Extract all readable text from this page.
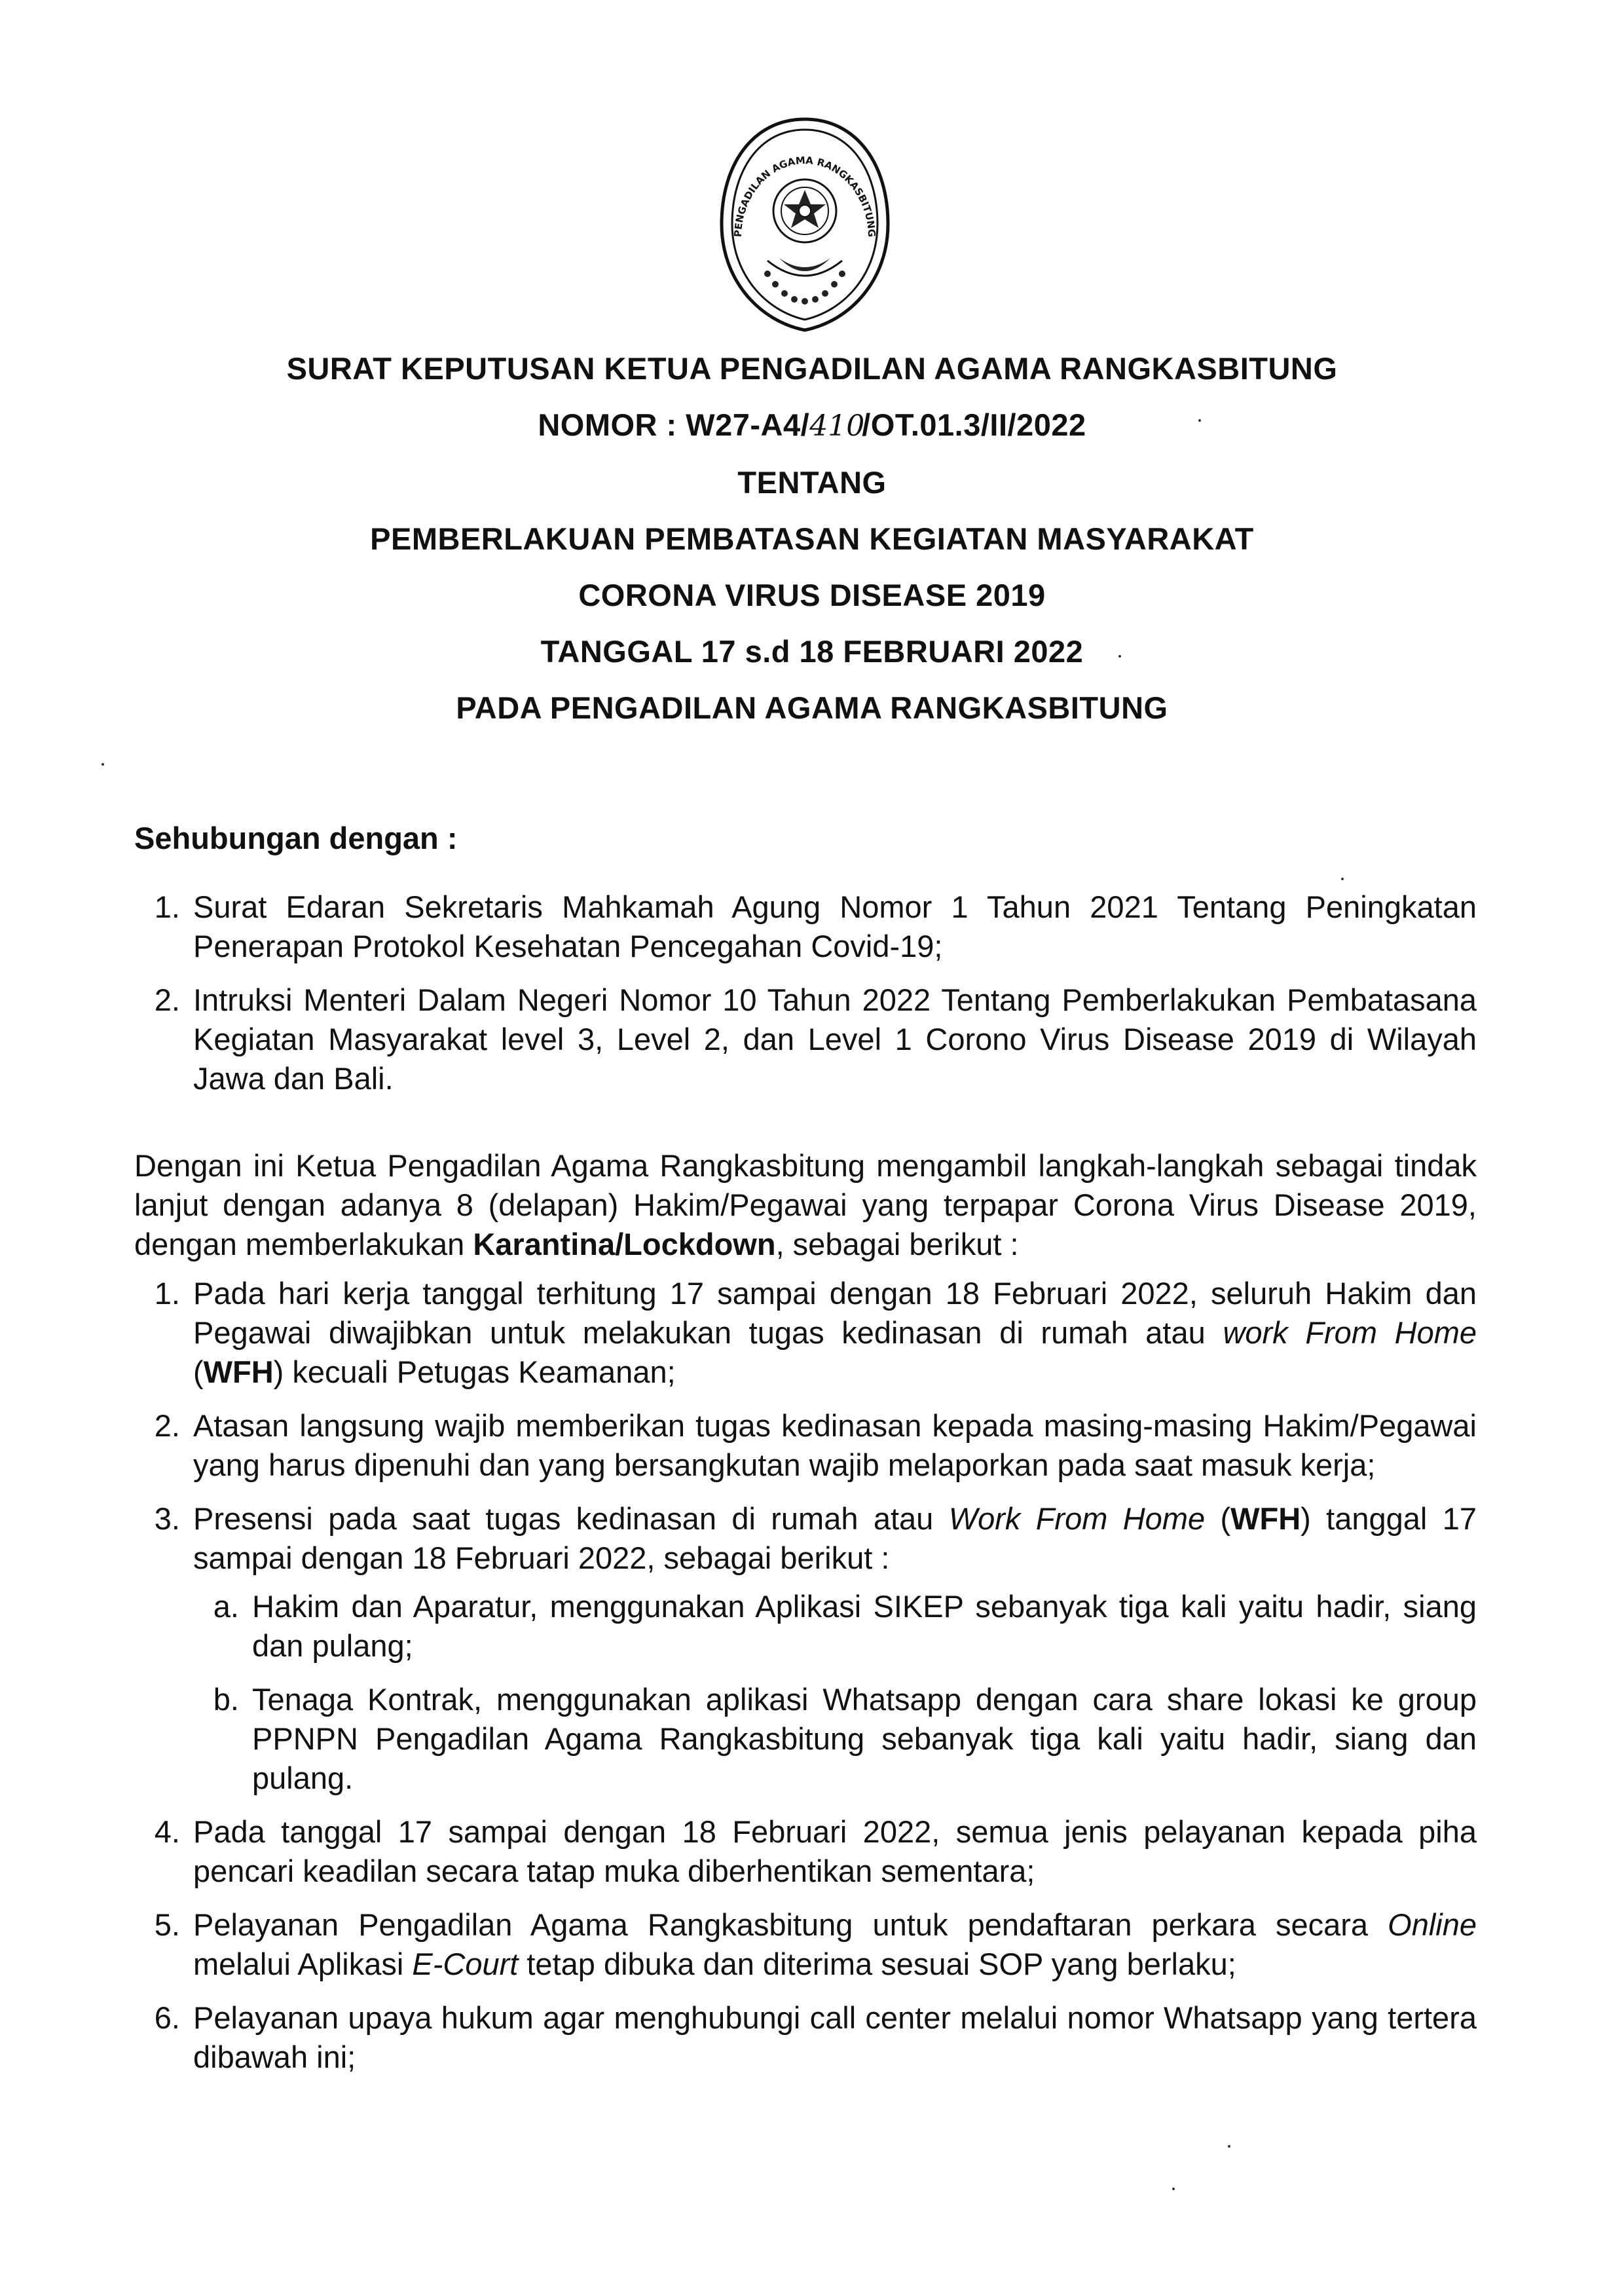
PENGADILAN AGAMA RANGKASBITUNG
SURAT KEPUTUSAN KETUA PENGADILAN AGAMA RANGKASBITUNG
NOMOR : W27-A4/410/OT.01.3/II/2022
TENTANG
PEMBERLAKUAN PEMBATASAN KEGIATAN MASYARAKAT
CORONA VIRUS DISEASE 2019
TANGGAL 17 s.d 18 FEBRUARI 2022
PADA PENGADILAN AGAMA RANGKASBITUNG
Sehubungan dengan :
1. Surat Edaran Sekretaris Mahkamah Agung Nomor 1 Tahun 2021 Tentang Peningkatan Penerapan Protokol Kesehatan Pencegahan Covid-19;
2. Intruksi Menteri Dalam Negeri Nomor 10 Tahun 2022 Tentang Pemberlakukan Pembatasana Kegiatan Masyarakat level 3, Level 2, dan Level 1 Corono Virus Disease 2019 di Wilayah Jawa dan Bali.
Dengan ini Ketua Pengadilan Agama Rangkasbitung mengambil langkah-langkah sebagai tindak lanjut dengan adanya 8 (delapan) Hakim/Pegawai yang terpapar Corona Virus Disease 2019, dengan memberlakukan Karantina/Lockdown, sebagai berikut :
1. Pada hari kerja tanggal terhitung 17 sampai dengan 18 Februari 2022, seluruh Hakim dan Pegawai diwajibkan untuk melakukan tugas kedinasan di rumah atau work From Home (WFH) kecuali Petugas Keamanan;
2. Atasan langsung wajib memberikan tugas kedinasan kepada masing-masing Hakim/Pegawai yang harus dipenuhi dan yang bersangkutan wajib melaporkan pada saat masuk kerja;
3. Presensi pada saat tugas kedinasan di rumah atau Work From Home (WFH) tanggal 17 sampai dengan 18 Februari 2022, sebagai berikut :
a. Hakim dan Aparatur, menggunakan Aplikasi SIKEP sebanyak tiga kali yaitu hadir, siang dan pulang;
b. Tenaga Kontrak, menggunakan aplikasi Whatsapp dengan cara share lokasi ke group PPNPN Pengadilan Agama Rangkasbitung sebanyak tiga kali yaitu hadir, siang dan pulang.
4. Pada tanggal 17 sampai dengan 18 Februari 2022, semua jenis pelayanan kepada piha pencari keadilan secara tatap muka diberhentikan sementara;
5. Pelayanan Pengadilan Agama Rangkasbitung untuk pendaftaran perkara secara Online melalui Aplikasi E-Court tetap dibuka dan diterima sesuai SOP yang berlaku;
6. Pelayanan upaya hukum agar menghubungi call center melalui nomor Whatsapp yang tertera dibawah ini;
